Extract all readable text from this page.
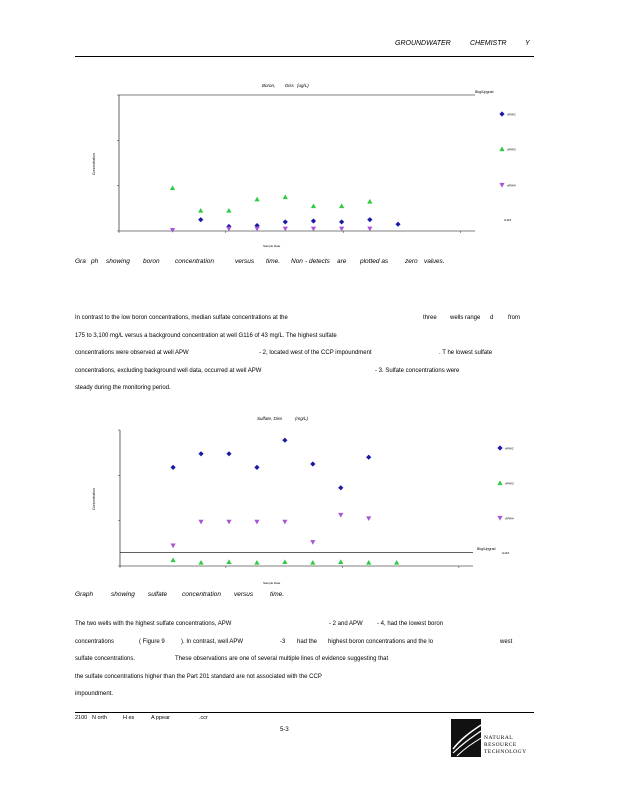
GROUNDWATER	CHEMISTR	Y
Boron, Diss (ug/L)
Bkg/Upgrad
Concentration
Sample Date
APW2
APW3
APW4
G116
Gra ph showing boron concentration	versus time. Non - detects are plotted as	zero values.
In contrast to the low boron concentrations, median sulfate concentrations at the	three wells range d from
175 to 3,100 mg/L versus a background concentration at well G116 of 43 mg/L. The highest sulfate
concentrations were observed at well APW	- 2, located west of the CCP impoundment	. T he lowest sulfate
concentrations, excluding background well data, occurred at well APW	- 3. Sulfate concentrations were
steady during the monitoring period.
Sulfate, Diss	(mg/L)
Bkg/Upgrad
Concentration
Sample Date
APW2
APW3
APW4
G116
Graph	showing sulfate concentration versus	time.
The two wells with the highest sulfate concentrations, APW	- 2 and APW - 4, had the lowest boron
concentrations	( Figure 9	). In contrast, well APW	-3 had the highest boron concentrations and the lo	west
sulfate concentrations.	These observations are one of several multiple lines of evidence suggesting that
the sulfate concentrations higher than the Part 201 standard are not associated with the CCP
impoundment.
2100 N orth	H es	A ppear	.ccr
5-3
NATURAL
RESOURCE
TECHNOLOGY
